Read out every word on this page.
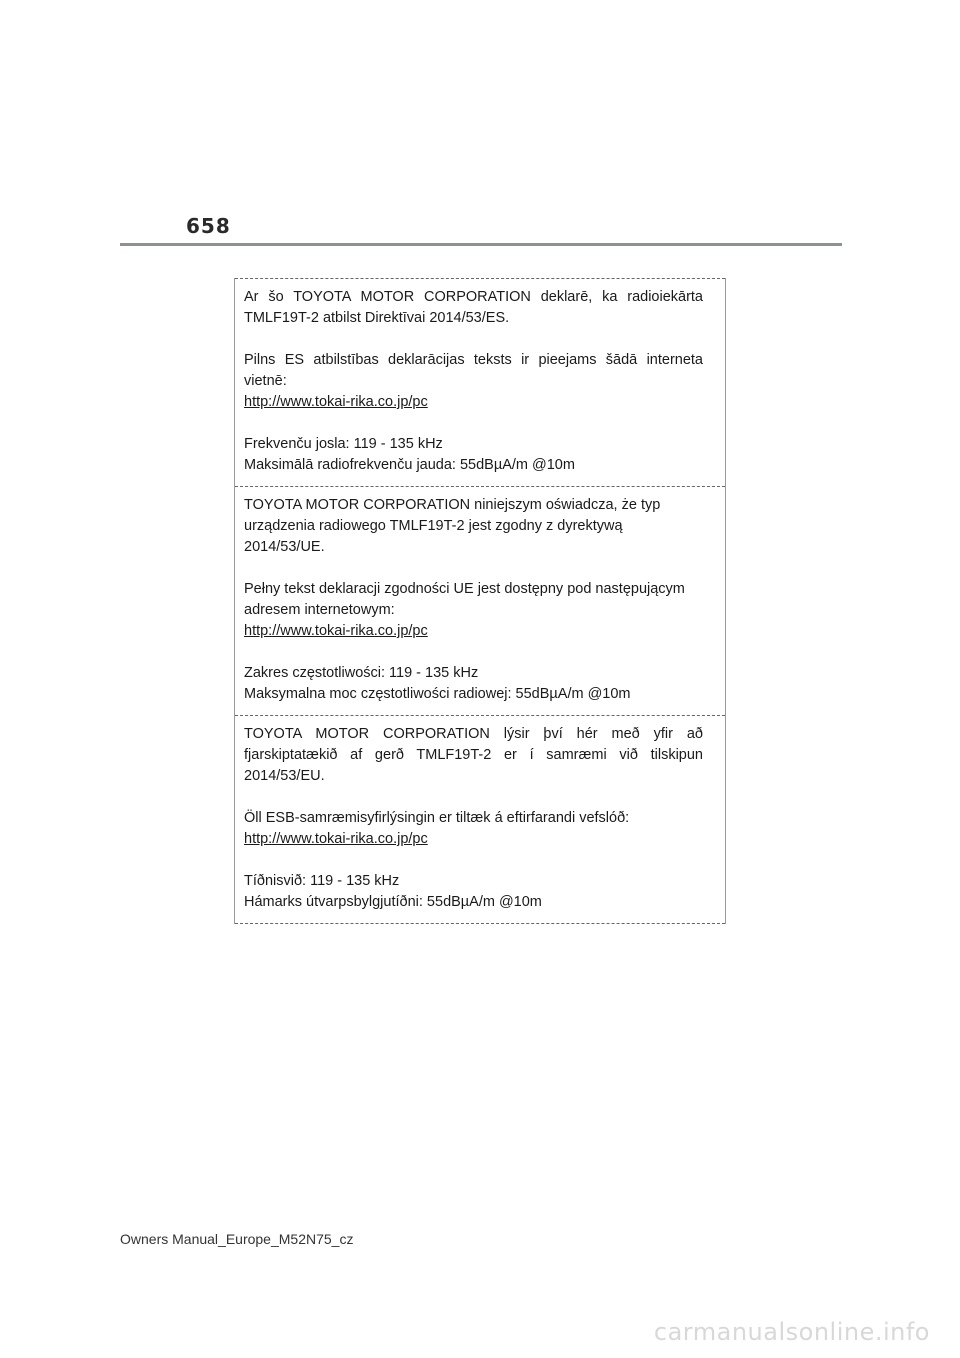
658

Ar šo TOYOTA MOTOR CORPORATION deklarē, ka radioiekārta TMLF19T-2 atbilst Direktīvai 2014/53/ES.

Pilns ES atbilstības deklarācijas teksts ir pieejams šādā interneta vietnē:

http://www.tokai-rika.co.jp/pc

Frekvenču josla: 119 - 135 kHz

Maksimālā radiofrekvenču jauda: 55dBµA/m @10m

TOYOTA MOTOR CORPORATION niniejszym oświadcza, że typ urządzenia radiowego TMLF19T-2 jest zgodny z dyrektywą 2014/53/UE.

Pełny tekst deklaracji zgodności UE jest dostępny pod następującym adresem internetowym:

http://www.tokai-rika.co.jp/pc

Zakres częstotliwości: 119 - 135 kHz

Maksymalna moc częstotliwości radiowej: 55dBµA/m @10m

TOYOTA MOTOR CORPORATION lýsir því hér með yfir að fjarskiptatækið af gerð TMLF19T-2 er í samræmi við tilskipun 2014/53/EU.

Öll ESB-samræmisyfirlýsingin er tiltæk á eftirfarandi vefslóð:

http://www.tokai-rika.co.jp/pc

Tíðnisvið: 119 - 135 kHz

Hámarks útvarpsbylgjutíðni: 55dBµA/m @10m

Owners Manual_Europe_M52N75_cz
carmanualsonline.info
